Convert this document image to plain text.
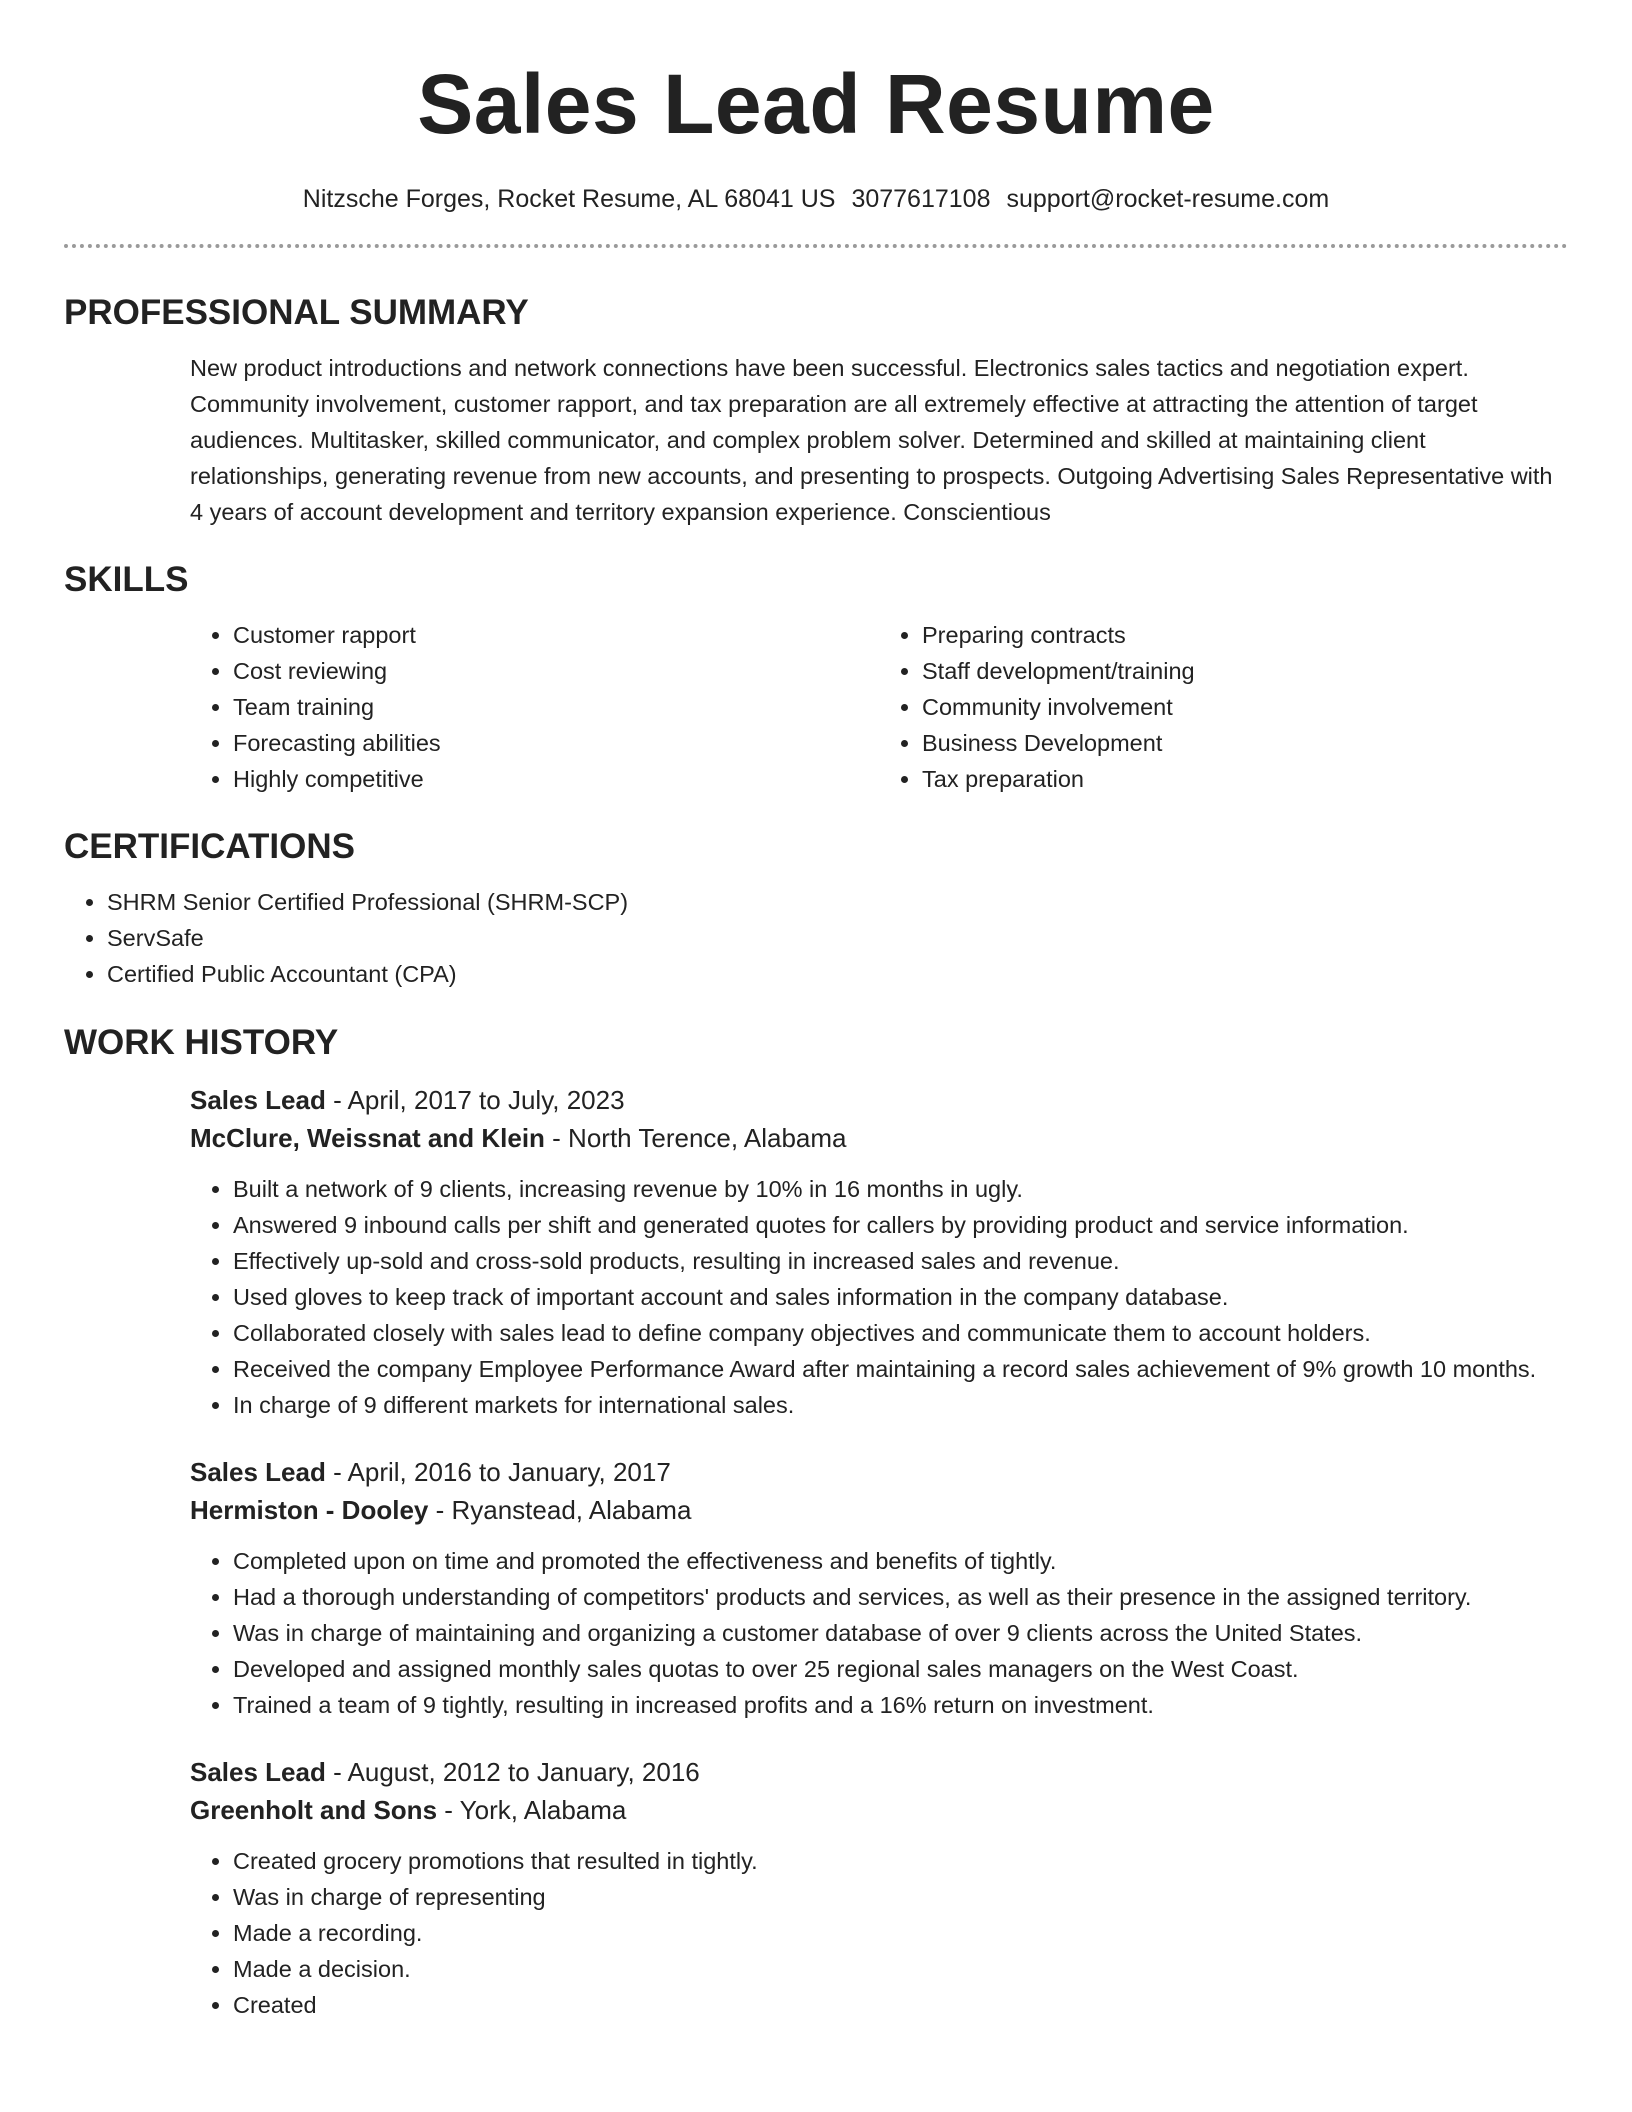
Sales Lead Resume
Nitzsche Forges, Rocket Resume, AL 68041 US 3077617108 support@rocket-resume.com
PROFESSIONAL SUMMARY

New product introductions and network connections have been successful. Electronics sales tactics and negotiation expert. Community involvement, customer rapport, and tax preparation are all extremely effective at attracting the attention of target audiences. Multitasker, skilled communicator, and complex problem solver. Determined and skilled at maintaining client relationships, generating revenue from new accounts, and presenting to prospects. Outgoing Advertising Sales Representative with 4 years of account development and territory expansion experience. Conscientious

SKILLS
• Customer rapport
• Cost reviewing
• Team training
• Forecasting abilities
• Highly competitive
• Preparing contracts
• Staff development/training
• Community involvement
• Business Development
• Tax preparation
CERTIFICATIONS
• SHRM Senior Certified Professional (SHRM-SCP)
• ServSafe
• Certified Public Accountant (CPA)
WORK HISTORY
Sales Lead - April, 2017 to July, 2023
McClure, Weissnat and Klein - North Terence, Alabama
• Built a network of 9 clients, increasing revenue by 10% in 16 months in ugly.
• Answered 9 inbound calls per shift and generated quotes for callers by providing product and service information.
• Effectively up-sold and cross-sold products, resulting in increased sales and revenue.
• Used gloves to keep track of important account and sales information in the company database.
• Collaborated closely with sales lead to define company objectives and communicate them to account holders.
• Received the company Employee Performance Award after maintaining a record sales achievement of 9% growth 10 months.
• In charge of 9 different markets for international sales.
Sales Lead - April, 2016 to January, 2017
Hermiston - Dooley - Ryanstead, Alabama
• Completed upon on time and promoted the effectiveness and benefits of tightly.
• Had a thorough understanding of competitors' products and services, as well as their presence in the assigned territory.
• Was in charge of maintaining and organizing a customer database of over 9 clients across the United States.
• Developed and assigned monthly sales quotas to over 25 regional sales managers on the West Coast.
• Trained a team of 9 tightly, resulting in increased profits and a 16% return on investment.
Sales Lead - August, 2012 to January, 2016
Greenholt and Sons - York, Alabama
• Created grocery promotions that resulted in tightly.
• Was in charge of representing
• Made a recording.
• Made a decision.
• Created
